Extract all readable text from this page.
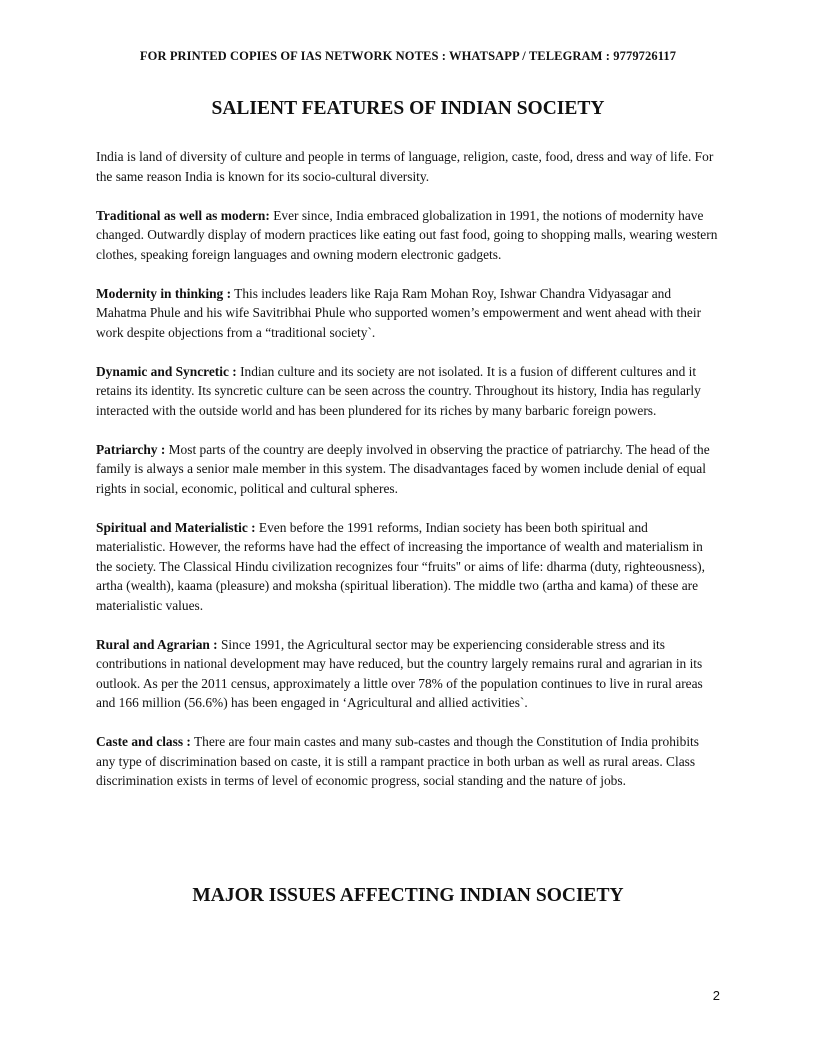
FOR PRINTED COPIES OF IAS NETWORK NOTES : WHATSAPP / TELEGRAM : 9779726117
SALIENT FEATURES OF INDIAN SOCIETY

India is land of diversity of culture and people in terms of language, religion, caste, food, dress and way of life. For the same reason India is known for its socio-cultural diversity.

Traditional as well as modern: Ever since, India embraced globalization in 1991, the notions of modernity have changed. Outwardly display of modern practices like eating out fast food, going to shopping malls, wearing western clothes, speaking foreign languages and owning modern electronic gadgets.

Modernity in thinking : This includes leaders like Raja Ram Mohan Roy, Ishwar Chandra Vidyasagar and Mahatma Phule and his wife Savitribhai Phule who supported women’s empowerment and went ahead with their work despite objections from a “traditional society`.

Dynamic and Syncretic : Indian culture and its society are not isolated. It is a fusion of different cultures and it retains its identity. Its syncretic culture can be seen across the country. Throughout its history, India has regularly interacted with the outside world and has been plundered for its riches by many barbaric foreign powers.

Patriarchy : Most parts of the country are deeply involved in observing the practice of patriarchy. The head of the family is always a senior male member in this system. The disadvantages faced by women include denial of equal rights in social, economic, political and cultural spheres.

Spiritual and Materialistic : Even before the 1991 reforms, Indian society has been both spiritual and materialistic. However, the reforms have had the effect of increasing the importance of wealth and materialism in the society. The Classical Hindu civilization recognizes four “fruits'' or aims of life: dharma (duty, righteousness), artha (wealth), kaama (pleasure) and moksha (spiritual liberation). The middle two (artha and kama) of these are materialistic values.

Rural and Agrarian : Since 1991, the Agricultural sector may be experiencing considerable stress and its contributions in national development may have reduced, but the country largely remains rural and agrarian in its outlook. As per the 2011 census, approximately a little over 78% of the population continues to live in rural areas and 166 million (56.6%) has been engaged in ‘Agricultural and allied activities`.

Caste and class : There are four main castes and many sub-castes and though the Constitution of India prohibits any type of discrimination based on caste, it is still a rampant practice in both urban as well as rural areas. Class discrimination exists in terms of level of economic progress, social standing and the nature of jobs.

MAJOR ISSUES AFFECTING INDIAN SOCIETY
2
